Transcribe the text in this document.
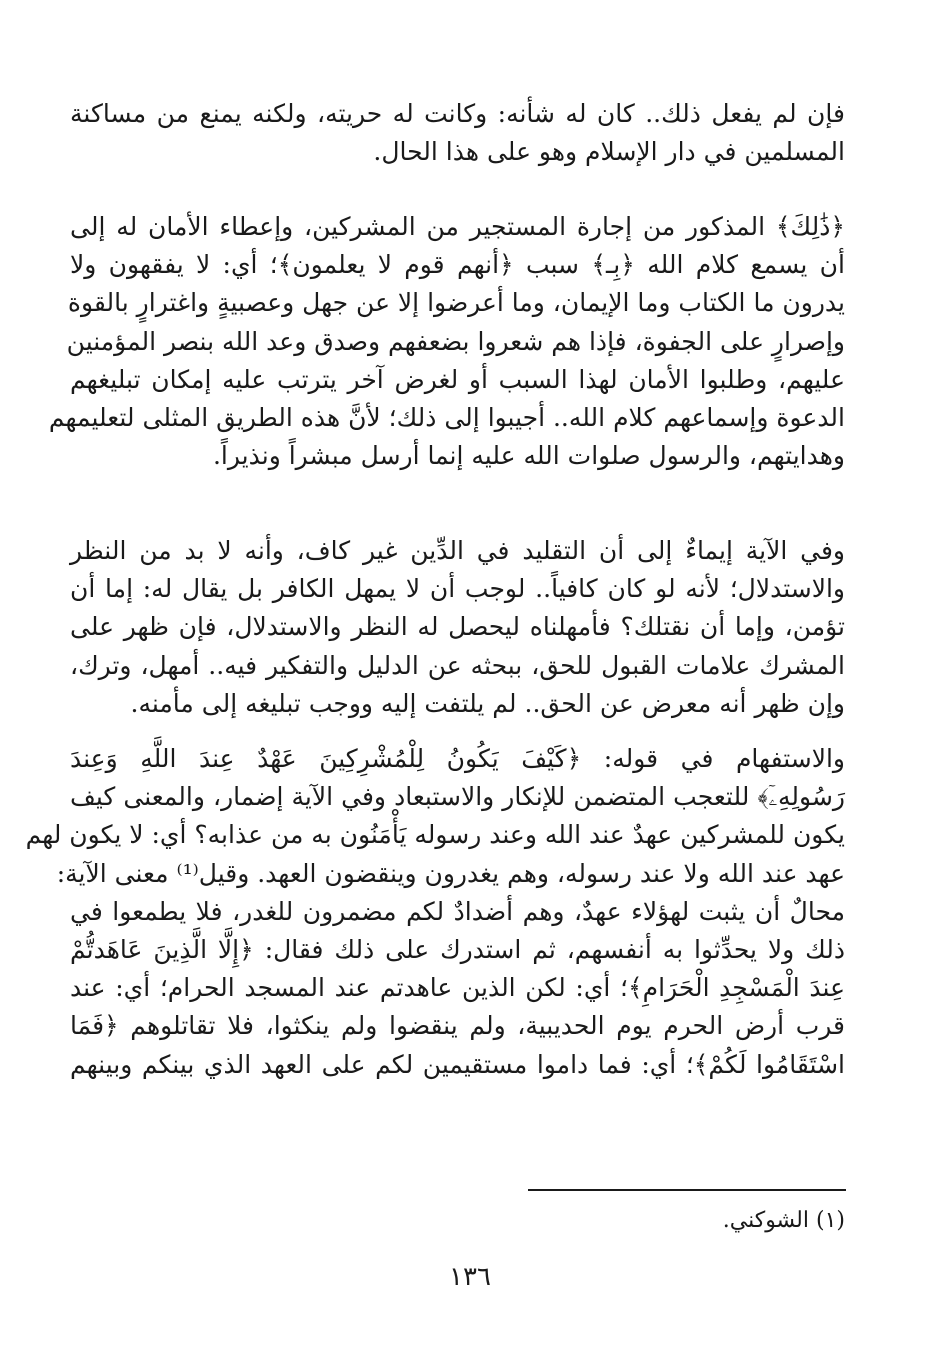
فإن لم يفعل ذلك.. كان له شأنه: وكانت له حريته، ولكنه يمنع من مساكنة
المسلمين في دار الإسلام وهو على هذا الحال.
﴿ذَٰلِكَ﴾ المذكور من إجارة المستجير من المشركين، وإعطاء الأمان له إلى
أن يسمع كلام الله ﴿بِـ﴾ سبب ﴿أنهم قوم لا يعلمون﴾؛ أي: لا يفقهون ولا
يدرون ما الكتاب وما الإيمان، وما أعرضوا إلا عن جهل وعصبيةٍ واغترارٍ بالقوة
وإصرارٍ على الجفوة، فإذا هم شعروا بضعفهم وصدق وعد الله بنصر المؤمنين
عليهم، وطلبوا الأمان لهذا السبب أو لغرض آخر يترتب عليه إمكان تبليغهم
الدعوة وإسماعهم كلام الله.. أجيبوا إلى ذلك؛ لأنَّ هذه الطريق المثلى لتعليمهم
وهدايتهم، والرسول صلوات الله عليه إنما أرسل مبشراً ونذيراً.
وفي الآية إيماءٌ إلى أن التقليد في الدِّين غير كاف، وأنه لا بد من النظر
والاستدلال؛ لأنه لو كان كافياً.. لوجب أن لا يمهل الكافر بل يقال له: إما أن
تؤمن، وإما أن نقتلك؟ فأمهلناه ليحصل له النظر والاستدلال، فإن ظهر على
المشرك علامات القبول للحق، ببحثه عن الدليل والتفكير فيه.. أمهل، وترك،
وإن ظهر أنه معرض عن الحق.. لم يلتفت إليه ووجب تبليغه إلى مأمنه.
والاستفهام في قوله: ﴿كَيْفَ يَكُونُ لِلْمُشْرِكِينَ عَهْدٌ عِندَ اللَّهِ وَعِندَ
رَسُولِهِۦٓ﴾ للتعجب المتضمن للإنكار والاستبعاد وفي الآية إضمار، والمعنى كيف
يكون للمشركين عهدٌ عند الله وعند رسوله يَأْمَنُون به من عذابه؟ أي: لا يكون لهم
عهد عند الله ولا عند رسوله، وهم يغدرون وينقضون العهد. وقيل⁽¹⁾ معنى الآية:
محالٌ أن يثبت لهؤلاء عهدٌ، وهم أضدادٌ لكم مضمرون للغدر، فلا يطمعوا في
ذلك ولا يحدِّثوا به أنفسهم، ثم استدرك على ذلك فقال: ﴿إِلَّا الَّذِينَ عَاهَدتُّمْ
عِندَ الْمَسْجِدِ الْحَرَامِ﴾؛ أي: لكن الذين عاهدتم عند المسجد الحرام؛ أي: عند
قرب أرض الحرم يوم الحديبية، ولم ينقضوا ولم ينكثوا، فلا تقاتلوهم ﴿فَمَا
اسْتَقَامُوا لَكُمْ﴾؛ أي: فما داموا مستقيمين لكم على العهد الذي بينكم وبينهم
(١) الشوكني.
١٣٦
